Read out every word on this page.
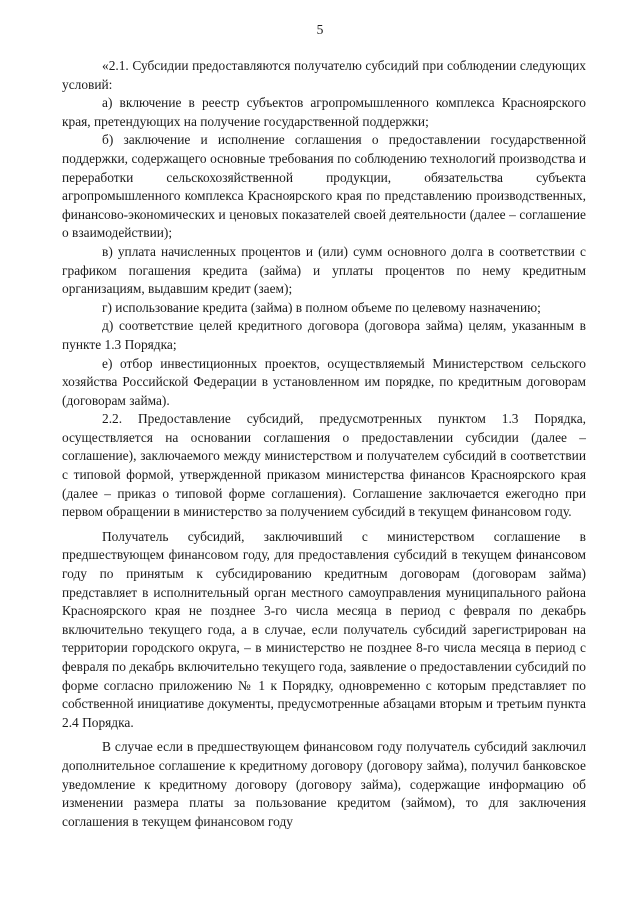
5

«2.1. Субсидии предоставляются получателю субсидий при соблюдении следующих условий:

а) включение в реестр субъектов агропромышленного комплекса Красноярского края, претендующих на получение государственной поддержки;

б) заключение и исполнение соглашения о предоставлении государственной поддержки, содержащего основные требования по соблюдению технологий производства и переработки сельскохозяйственной продукции, обязательства субъекта агропромышленного комплекса Красноярского края по представлению производственных, финансово-экономических и ценовых показателей своей деятельности (далее – соглашение о взаимодействии);

в) уплата начисленных процентов и (или) сумм основного долга в соответствии с графиком погашения кредита (займа) и уплаты процентов по нему кредитным организациям, выдавшим кредит (заем);

г) использование кредита (займа) в полном объеме по целевому назначению;

д) соответствие целей кредитного договора (договора займа) целям, указанным в пункте 1.3 Порядка;

е) отбор инвестиционных проектов, осуществляемый Министерством сельского хозяйства Российской Федерации в установленном им порядке, по кредитным договорам (договорам займа).

2.2. Предоставление субсидий, предусмотренных пунктом 1.3 Порядка, осуществляется на основании соглашения о предоставлении субсидии (далее – соглашение), заключаемого между министерством и получателем субсидий в соответствии с типовой формой, утвержденной приказом министерства финансов Красноярского края (далее – приказ о типовой форме соглашения). Соглашение заключается ежегодно при первом обращении в министерство за получением субсидий в текущем финансовом году.

Получатель субсидий, заключивший с министерством соглашение в предшествующем финансовом году, для предоставления субсидий в текущем финансовом году по принятым к субсидированию кредитным договорам (договорам займа) представляет в исполнительный орган местного самоуправления муниципального района Красноярского края не позднее 3-го числа месяца в период с февраля по декабрь включительно текущего года, а в случае, если получатель субсидий зарегистрирован на территории городского округа, – в министерство не позднее 8-го числа месяца в период с февраля по декабрь включительно текущего года, заявление о предоставлении субсидий по форме согласно приложению № 1 к Порядку, одновременно с которым представляет по собственной инициативе документы, предусмотренные абзацами вторым и третьим пункта 2.4 Порядка.

В случае если в предшествующем финансовом году получатель субсидий заключил дополнительное соглашение к кредитному договору (договору займа), получил банковское уведомление к кредитному договору (договору займа), содержащие информацию об изменении размера платы за пользование кредитом (займом), то для заключения соглашения в текущем финансовом году
